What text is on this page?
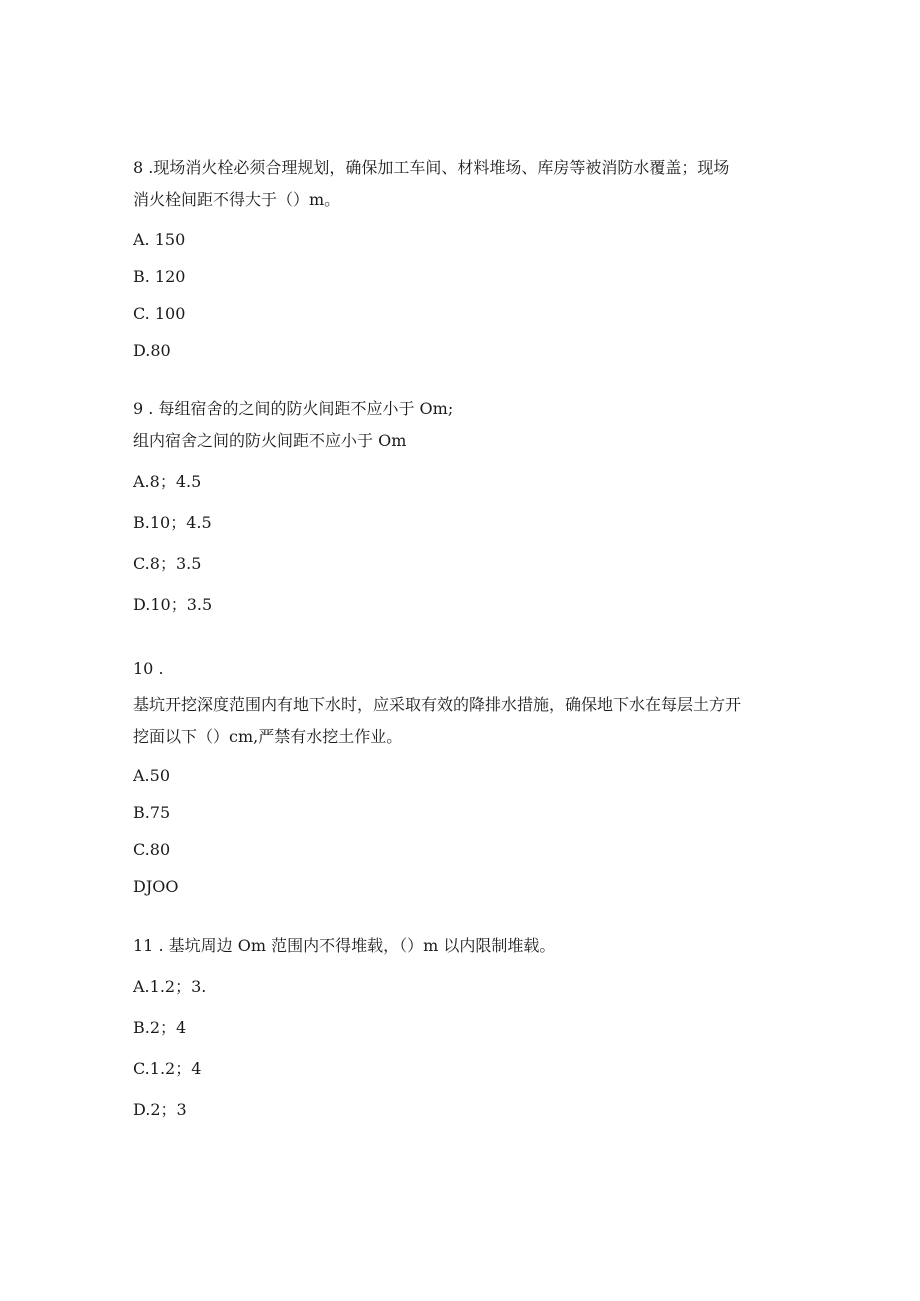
8 .现场消火栓必须合理规划，确保加工车间、材料堆场、库房等被消防水覆盖；现场

消火栓间距不得大于（）m。

A. 150

B. 120

C. 100

D.80

9 . 每组宿舍的之间的防火间距不应小于 Om;

组内宿舍之间的防火间距不应小于 Om

A.8；4.5

B.10；4.5

C.8；3.5

D.10；3.5

10 .

基坑开挖深度范围内有地下水时，应采取有效的降排水措施，确保地下水在每层土方开

挖面以下（）cm,严禁有水挖土作业。

A.50

B.75

C.80

DJOO

11 . 基坑周边 Om 范围内不得堆载，（）m 以内限制堆载。

A.1.2；3.

B.2；4

C.1.2；4

D.2；3
